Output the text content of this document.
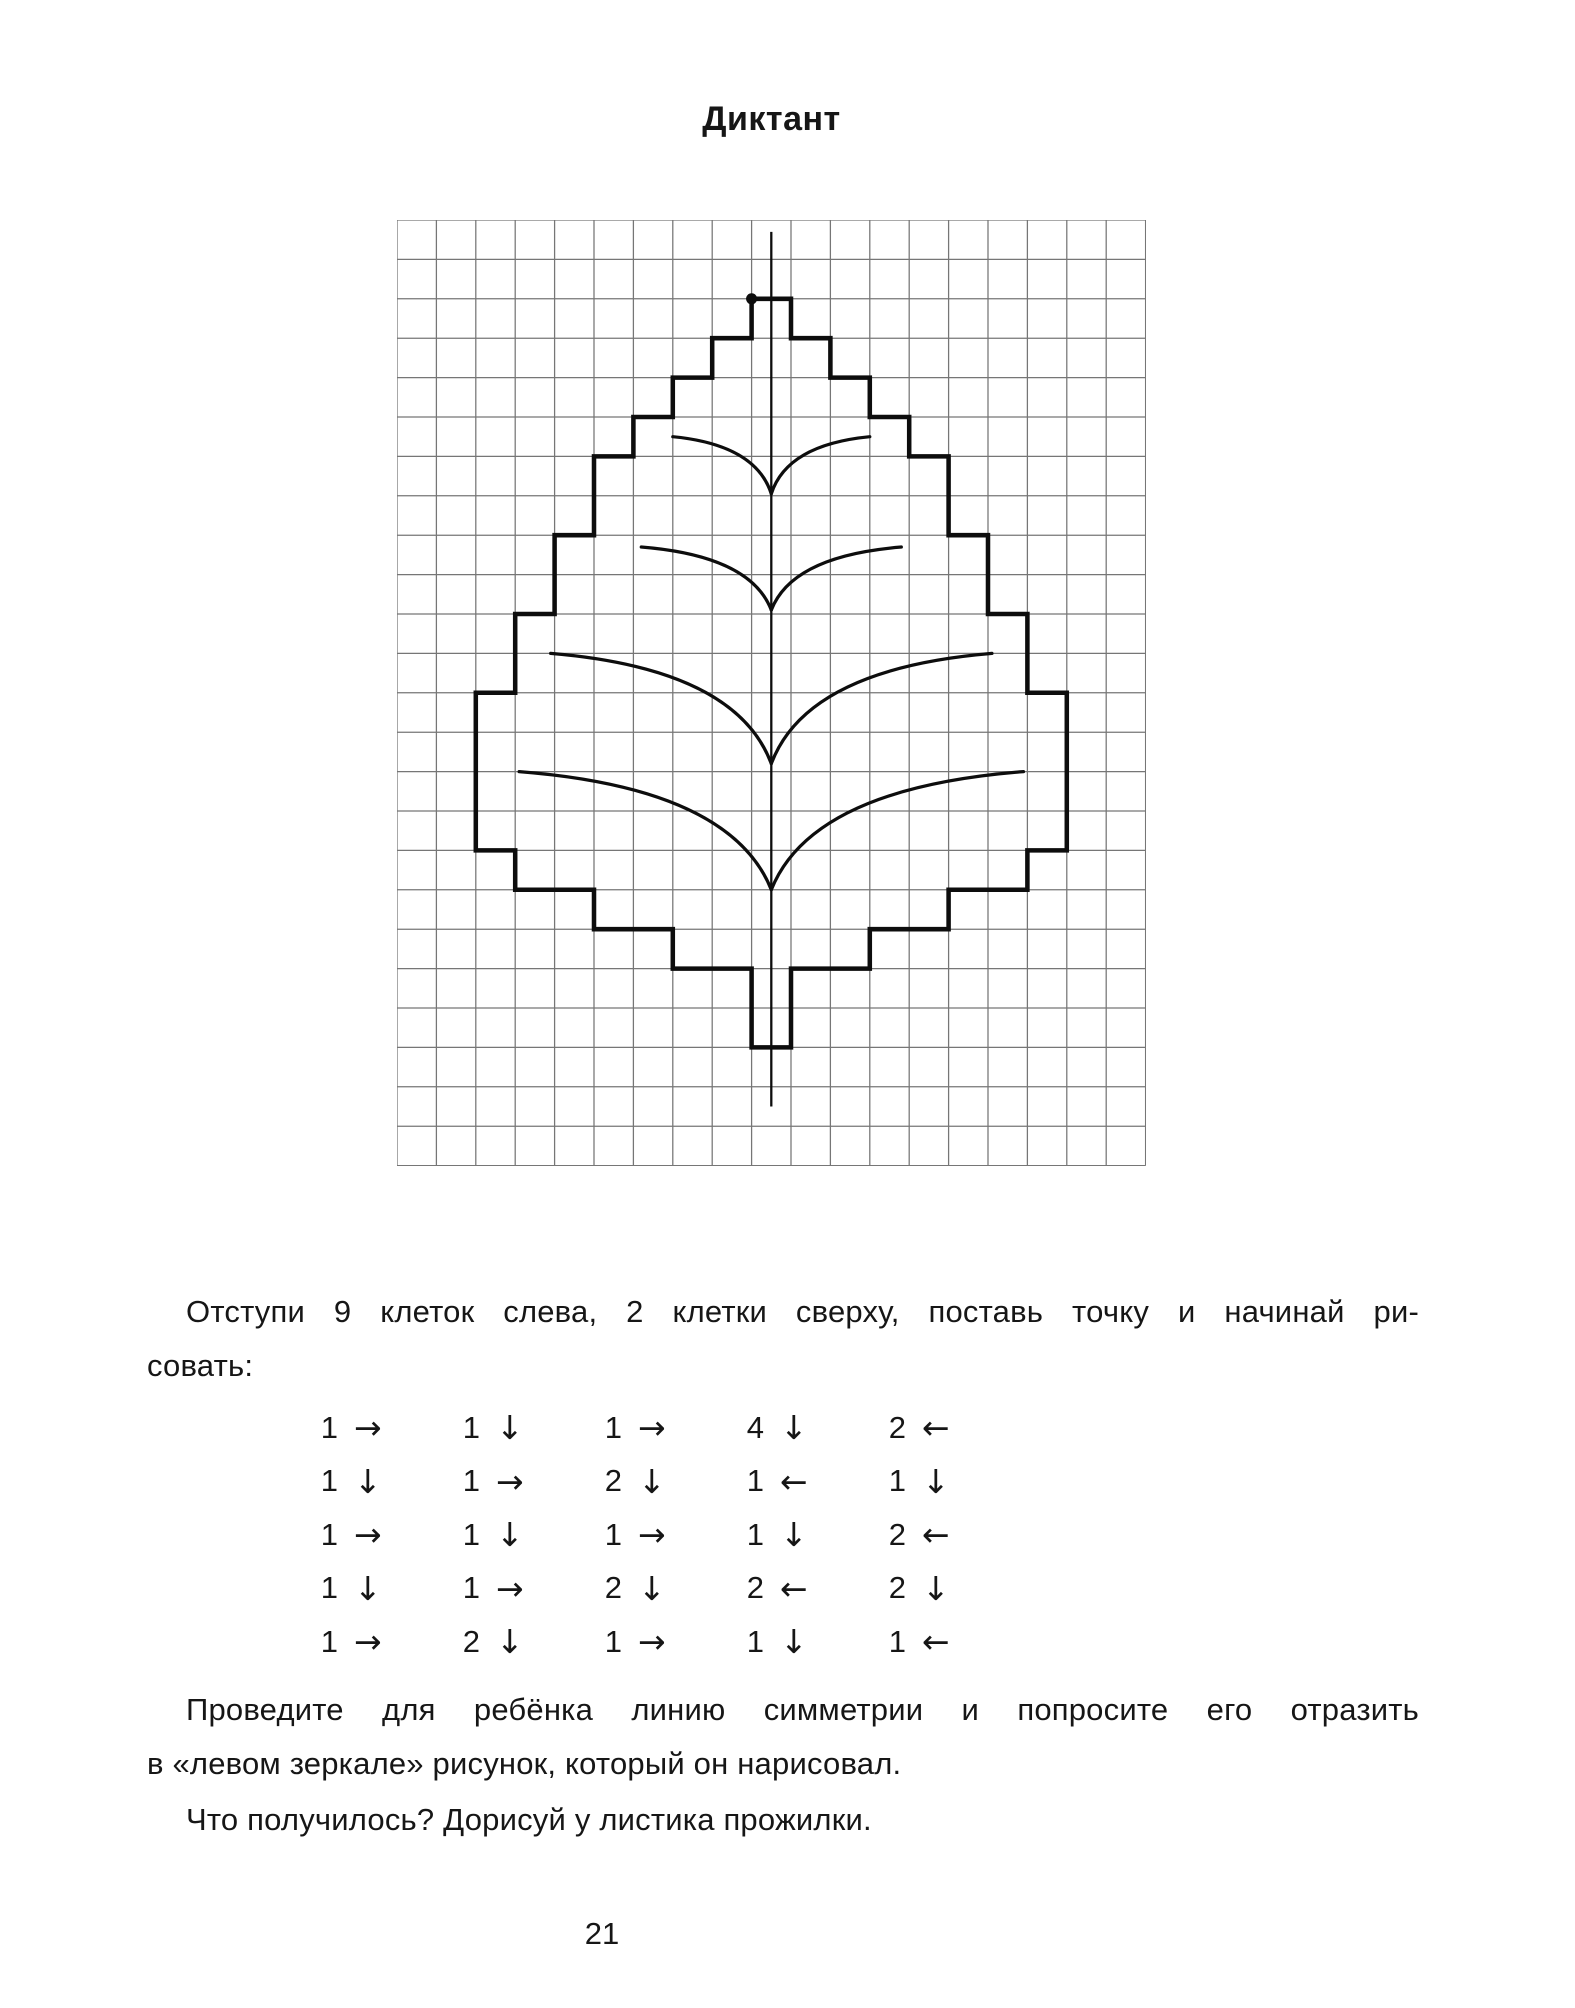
Диктант
Отступи 9 клеток слева, 2 клетки сверху, поставь точку и начинай ри-
совать:
1 →	1 ↓	1 →	4 ↓	2 ←
1 ↓	1 →	2 ↓	1 ←	1 ↓
1 →	1 ↓	1 →	1 ↓	2 ←
1 ↓	1 →	2 ↓	2 ←	2 ↓
1 →	2 ↓	1 →	1 ↓	1 ←
Проведите для ребёнка линию симметрии и попросите его отразить
в «левом зеркале» рисунок, который он нарисовал.
Что получилось? Дорисуй у листика прожилки.
21
